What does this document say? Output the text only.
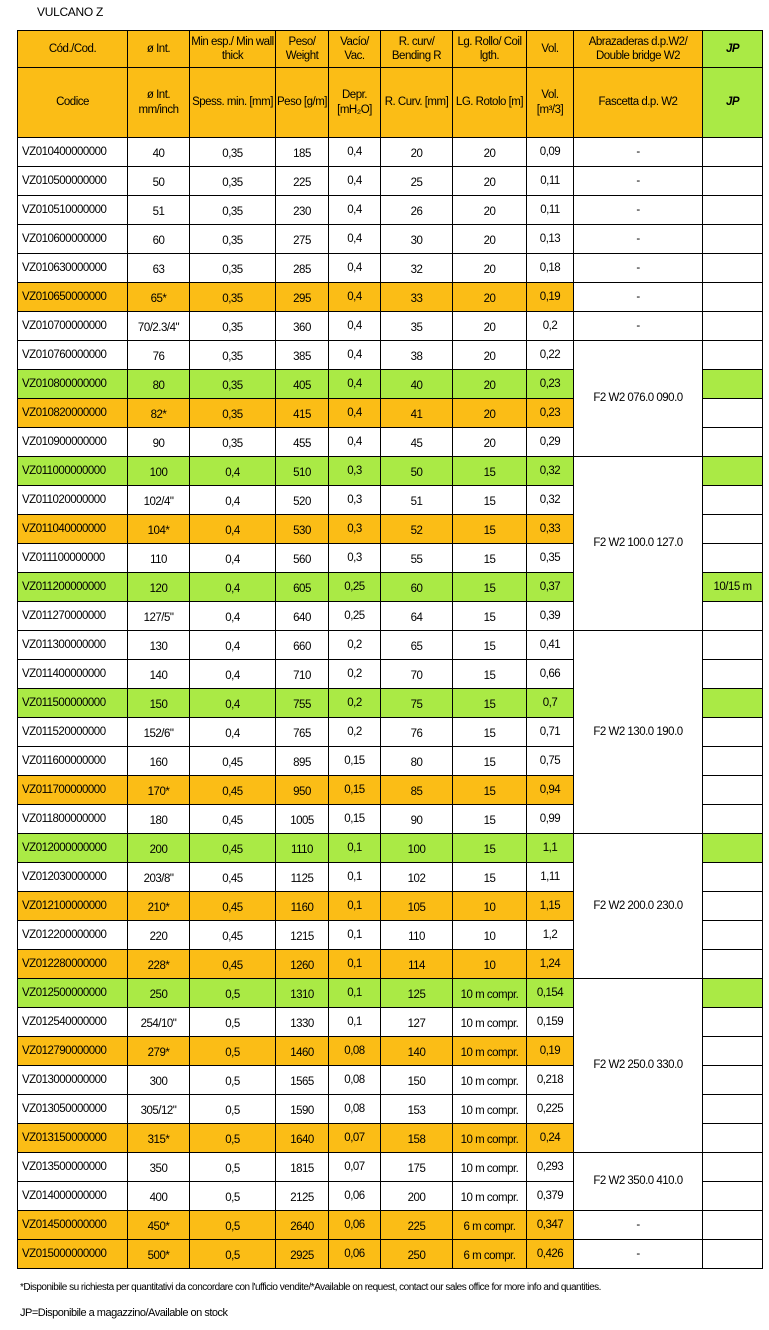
VULCANO Z
Cód./Cod.	ø Int.	Min esp./ Min wall thick	Peso/ Weight	Vacío/ Vac.	R. curv/ Bending R	Lg. Rollo/ Coil lgth.	Vol.	Abrazaderas d.p.W2/ Double bridge W2	JP
Codice	ø Int. mm/inch	Spess. min. [mm]	Peso [g/m]	Depr. [mH₂O]	R. Curv. [mm]	LG. Rotolo [m]	Vol. [m³/3]	Fascetta d.p. W2	JP
VZ010400000000	40	0,35	185	0,4	20	20	0,09	-	
VZ010500000000	50	0,35	225	0,4	25	20	0,11	-	
VZ010510000000	51	0,35	230	0,4	26	20	0,11	-	
VZ010600000000	60	0,35	275	0,4	30	20	0,13	-	
VZ010630000000	63	0,35	285	0,4	32	20	0,18	-	
VZ010650000000	65*	0,35	295	0,4	33	20	0,19	-	
VZ010700000000	70/2.3/4"	0,35	360	0,4	35	20	0,2	-	
VZ010760000000	76	0,35	385	0,4	38	20	0,22	F2 W2 076.0 090.0	
VZ010800000000	80	0,35	405	0,4	40	20	0,23		
VZ010820000000	82*	0,35	415	0,4	41	20	0,23		
VZ010900000000	90	0,35	455	0,4	45	20	0,29		
VZ011000000000	100	0,4	510	0,3	50	15	0,32	F2 W2 100.0 127.0	
VZ011020000000	102/4"	0,4	520	0,3	51	15	0,32		
VZ011040000000	104*	0,4	530	0,3	52	15	0,33		
VZ011100000000	110	0,4	560	0,3	55	15	0,35		
VZ011200000000	120	0,4	605	0,25	60	15	0,37		10/15 m
VZ011270000000	127/5"	0,4	640	0,25	64	15	0,39		
VZ011300000000	130	0,4	660	0,2	65	15	0,41	F2 W2 130.0 190.0	
VZ011400000000	140	0,4	710	0,2	70	15	0,66		
VZ011500000000	150	0,4	755	0,2	75	15	0,7		
VZ011520000000	152/6"	0,4	765	0,2	76	15	0,71		
VZ011600000000	160	0,45	895	0,15	80	15	0,75		
VZ011700000000	170*	0,45	950	0,15	85	15	0,94		
VZ011800000000	180	0,45	1005	0,15	90	15	0,99		
VZ012000000000	200	0,45	1110	0,1	100	15	1,1	F2 W2 200.0 230.0	
VZ012030000000	203/8"	0,45	1125	0,1	102	15	1,11		
VZ012100000000	210*	0,45	1160	0,1	105	10	1,15		
VZ012200000000	220	0,45	1215	0,1	110	10	1,2		
VZ012280000000	228*	0,45	1260	0,1	114	10	1,24		
VZ012500000000	250	0,5	1310	0,1	125	10 m compr.	0,154	F2 W2 250.0 330.0	
VZ012540000000	254/10"	0,5	1330	0,1	127	10 m compr.	0,159		
VZ012790000000	279*	0,5	1460	0,08	140	10 m compr.	0,19		
VZ013000000000	300	0,5	1565	0,08	150	10 m compr.	0,218		
VZ013050000000	305/12"	0,5	1590	0,08	153	10 m compr.	0,225		
VZ013150000000	315*	0,5	1640	0,07	158	10 m compr.	0,24		
VZ013500000000	350	0,5	1815	0,07	175	10 m compr.	0,293	F2 W2 350.0 410.0	
VZ014000000000	400	0,5	2125	0,06	200	10 m compr.	0,379		
VZ014500000000	450*	0,5	2640	0,06	225	6 m compr.	0,347	-	
VZ015000000000	500*	0,5	2925	0,06	250	6 m compr.	0,426	-	
*Disponibile su richiesta per quantitativi da concordare con l'ufficio vendite/*Available on request, contact our sales office for more info and quantities.
JP=Disponibile a magazzino/Available on stock
